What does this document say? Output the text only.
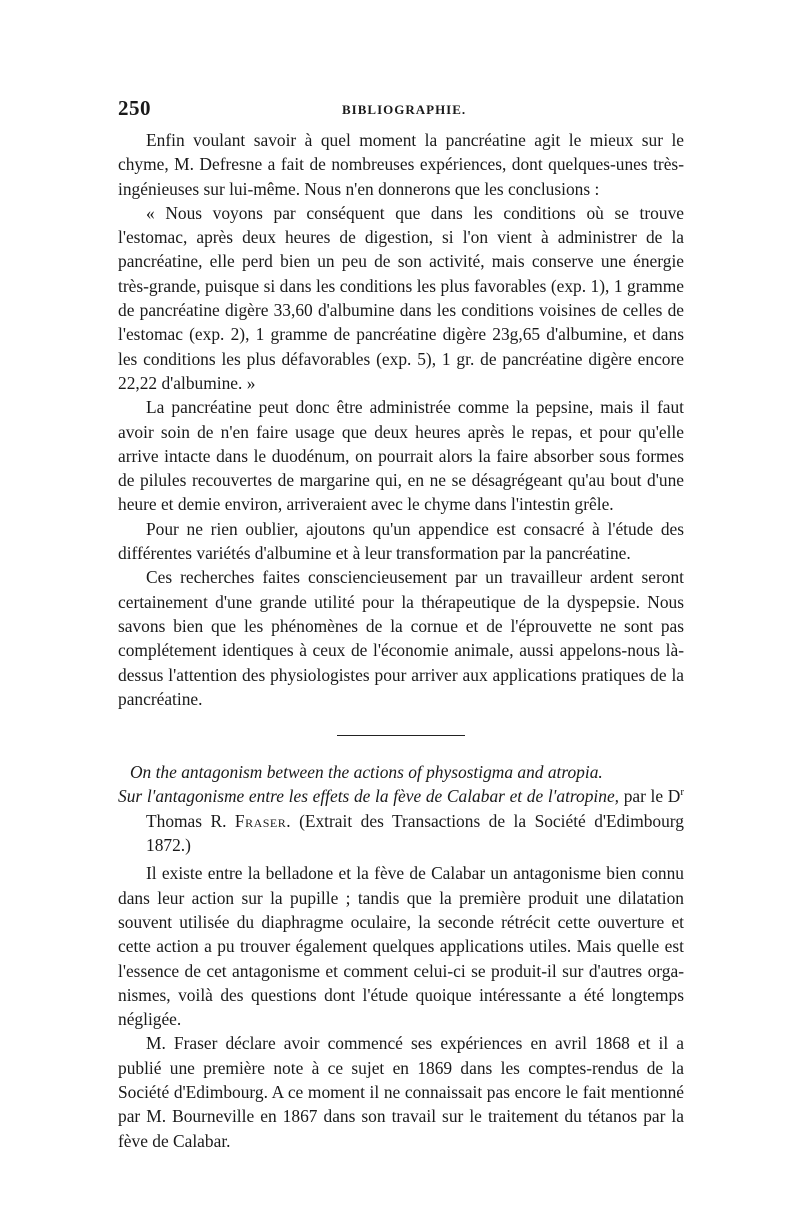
250	BIBLIOGRAPHIE.

Enfin voulant savoir à quel moment la pancréatine agit le mieux sur le chyme, M. Defresne a fait de nombreuses expériences, dont quelques-unes très-ingénieuses sur lui-même. Nous n'en donnerons que les conclusions :

« Nous voyons par conséquent que dans les conditions où se trouve l'estomac, après deux heures de digestion, si l'on vient à administrer de la pancréatine, elle perd bien un peu de son activité, mais conserve une énergie très-grande, puisque si dans les conditions les plus favorables (exp. 1), 1 gramme de pancréatine digère 33,60 d'albumine dans les conditions voisines de celles de l'estomac (exp. 2), 1 gramme de pancréatine digère 23g,65 d'albumine, et dans les conditions les plus défavorables (exp. 5), 1 gr. de pancréatine digère encore 22,22 d'albumine. »

La pancréatine peut donc être administrée comme la pepsine, mais il faut avoir soin de n'en faire usage que deux heures après le repas, et pour qu'elle arrive intacte dans le duodénum, on pourrait alors la faire absorber sous formes de pilules recouvertes de margarine qui, en ne se désagrégeant qu'au bout d'une heure et demie environ, arriveraient avec le chyme dans l'intestin grêle.

Pour ne rien oublier, ajoutons qu'un appendice est consacré à l'étude des différentes variétés d'albumine et à leur transformation par la pancréatine.

Ces recherches faites consciencieusement par un travailleur ardent seront certainement d'une grande utilité pour la thérapeutique de la dyspepsie. Nous savons bien que les phénomènes de la cornue et de l'éprouvette ne sont pas complétement identiques à ceux de l'économie animale, aussi appelons-nous là-dessus l'attention des physiologistes pour arriver aux applications pratiques de la pancréatine.

On the antagonism between the actions of physostigma and atropia.

Sur l'antagonisme entre les effets de la fève de Calabar et de l'atropine, par le $D^r$ Thomas R. Fraser. (Extrait des Transactions de la Société d'Edimbourg 1872.)

Il existe entre la belladone et la fève de Calabar un antagonisme bien connu dans leur action sur la pupille ; tandis que la première produit une dilatation souvent utilisée du diaphragme oculaire, la seconde rétrécit cette ouverture et cette action a pu trouver également quelques applications utiles. Mais quelle est l'essence de cet antagonisme et comment celui-ci se produit-il sur d'autres organismes, voilà des questions dont l'étude quoique intéressante a été longtemps négligée.

M. Fraser déclare avoir commencé ses expériences en avril 1868 et il a publié une première note à ce sujet en 1869 dans les comptes-rendus de la Société d'Edimbourg. A ce moment il ne connaissait pas encore le fait mentionné par M. Bourneville en 1867 dans son travail sur le traitement du tétanos par la fève de Calabar.
